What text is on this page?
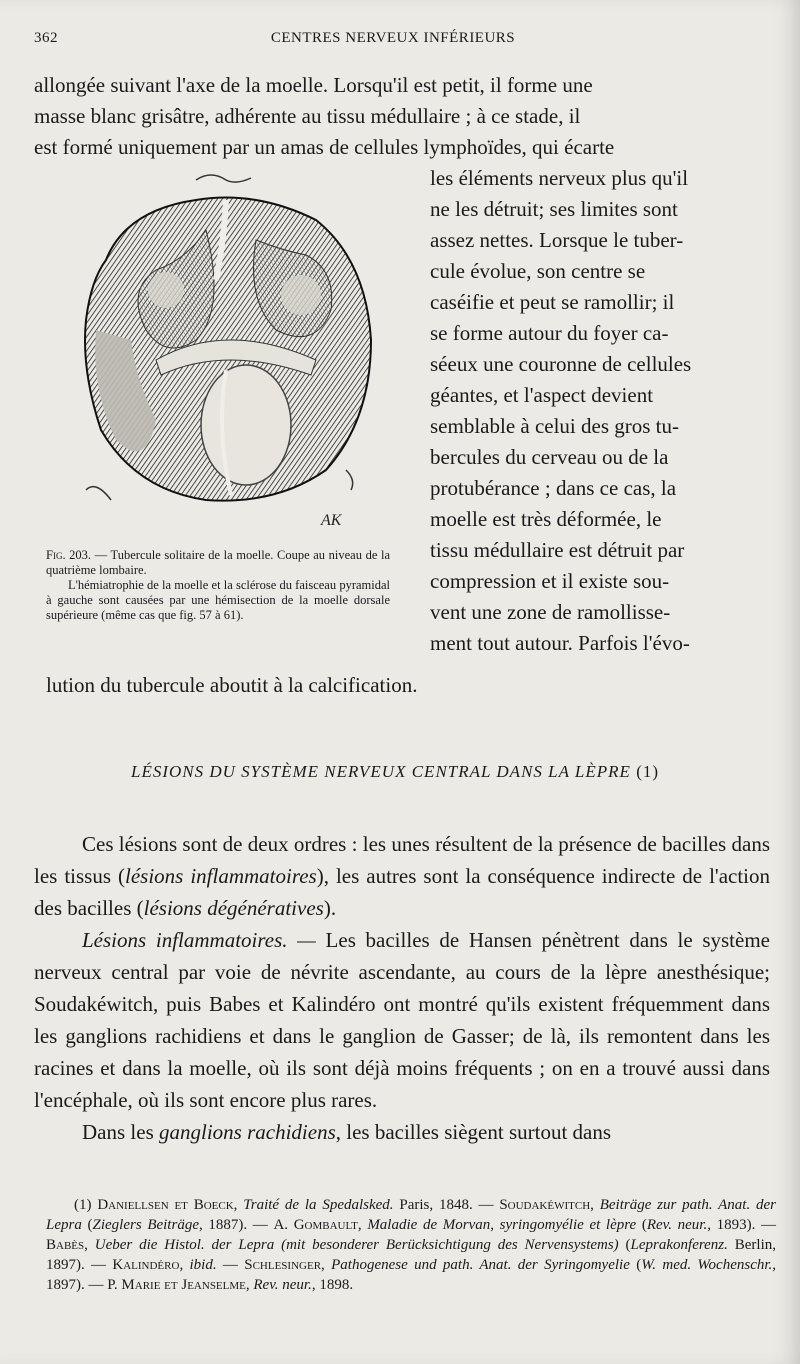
362	CENTRES NERVEUX INFÉRIEURS
allongée suivant l'axe de la moelle. Lorsqu'il est petit, il forme une
masse blanc grisâtre, adhérente au tissu médullaire ; à ce stade, il
est formé uniquement par un amas de cellules lymphoïdes, qui écarte
les éléments nerveux plus qu'il
ne les détruit; ses limites sont
assez nettes. Lorsque le tuber-
cule évolue, son centre se
caséifie et peut se ramollir; il
se forme autour du foyer ca-
séeux une couronne de cellules
géantes, et l'aspect devient
semblable à celui des gros tu-
bercules du cerveau ou de la
protubérance ; dans ce cas, la
moelle est très déformée, le
tissu médullaire est détruit par
compression et il existe sou-
vent une zone de ramollisse-
ment tout autour. Parfois l'évo-
lution du tubercule aboutit à la calcification.
AK

Fig. 203. — Tubercule solitaire de la moelle. Coupe au niveau de la quatrième lombaire.

L'hémiatrophie de la moelle et la sclérose du faisceau pyramidal à gauche sont causées par une hémisection de la moelle dorsale supérieure (même cas que fig. 57 à 61).

LÉSIONS DU SYSTÈME NERVEUX CENTRAL DANS LA LÈPRE (1)

Ces lésions sont de deux ordres : les unes résultent de la présence de bacilles dans les tissus (lésions inflammatoires), les autres sont la conséquence indirecte de l'action des bacilles (lésions dégénératives).

Lésions inflammatoires. — Les bacilles de Hansen pénètrent dans le système nerveux central par voie de névrite ascendante, au cours de la lèpre anesthésique; Soudakéwitch, puis Babes et Kalindéro ont montré qu'ils existent fréquemment dans les ganglions rachidiens et dans le ganglion de Gasser; de là, ils remontent dans les racines et dans la moelle, où ils sont déjà moins fréquents ; on en a trouvé aussi dans l'encéphale, où ils sont encore plus rares.

Dans les ganglions rachidiens, les bacilles siègent surtout dans

(1) Daniellsen et Boeck, Traité de la Spedalsked. Paris, 1848. — Soudakéwitch, Beiträge zur path. Anat. der Lepra (Zieglers Beiträge, 1887). — A. Gombault, Maladie de Morvan, syringomyélie et lèpre (Rev. neur., 1893). — Babès, Ueber die Histol. der Lepra (mit besonderer Berücksichtigung des Nervensystems) (Leprakonferenz. Berlin, 1897). — Kalindéro, ibid. — Schlesinger, Pathogenese und path. Anat. der Syringomyelie (W. med. Wochenschr., 1897). — P. Marie et Jeanselme, Rev. neur., 1898.
